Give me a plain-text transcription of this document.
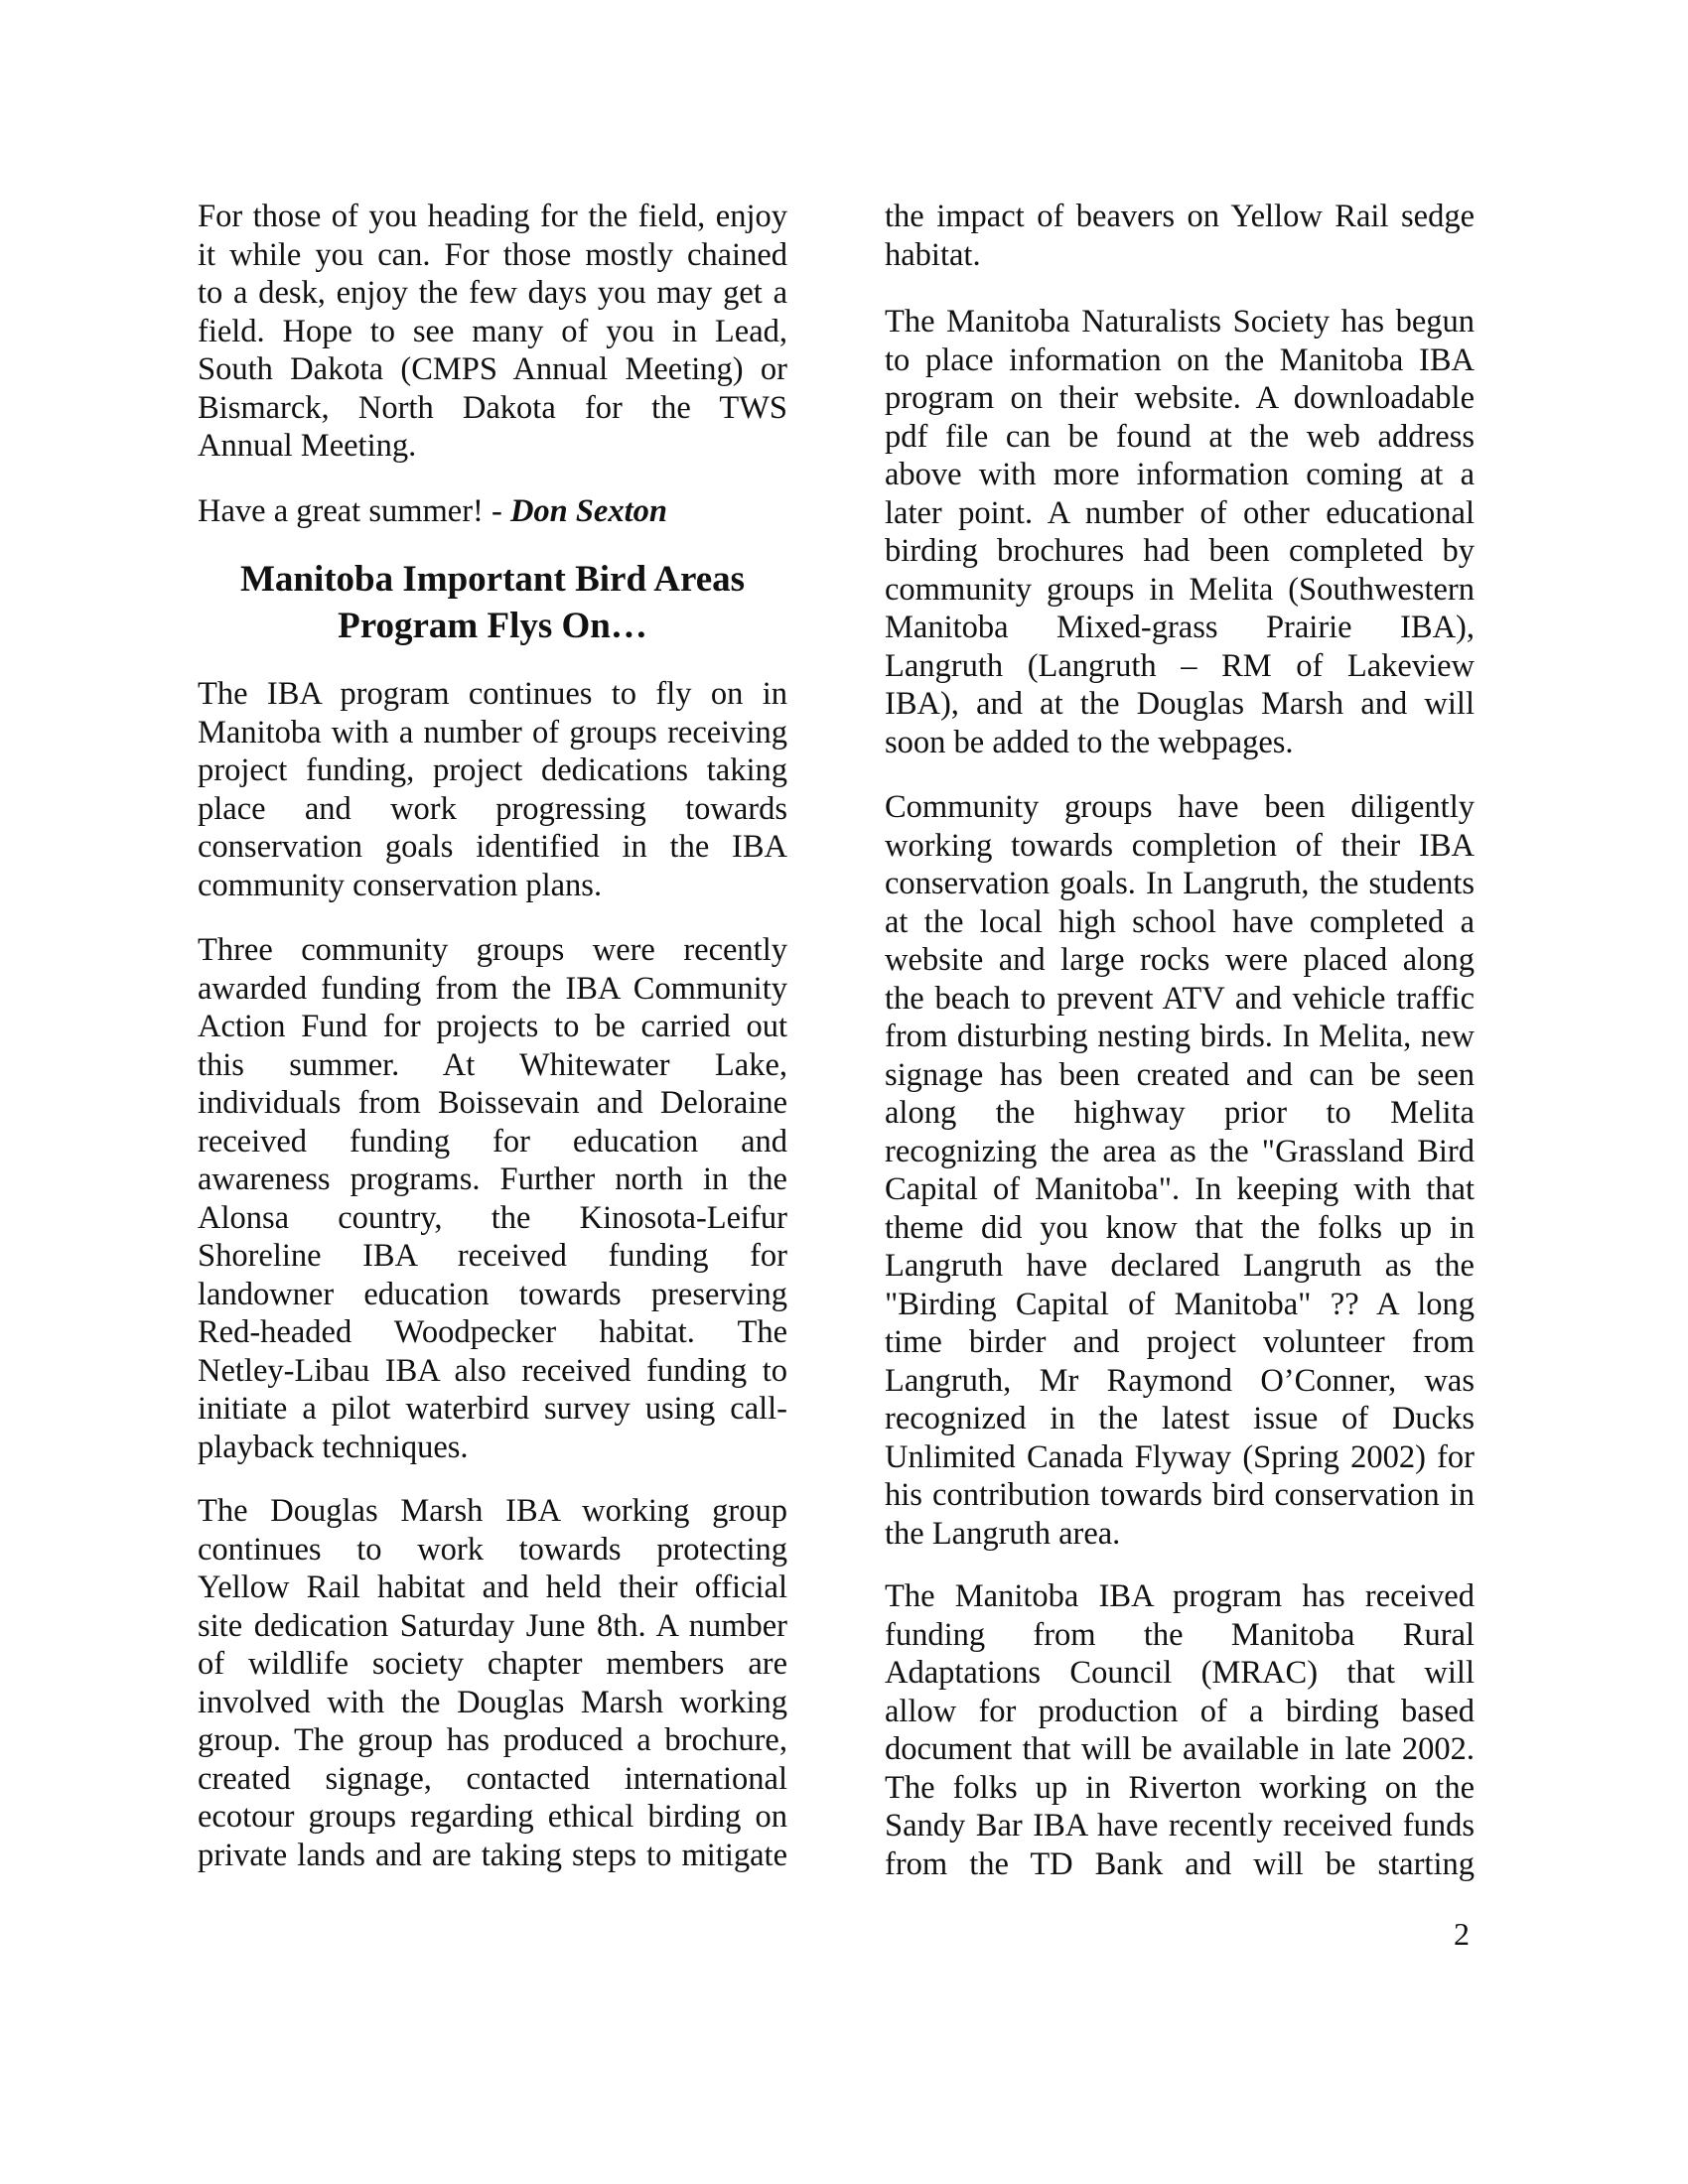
For those of you heading for the field, enjoy
it while you can. For those mostly chained
to a desk, enjoy the few days you may get a
field. Hope to see many of you in Lead,
South Dakota (CMPS Annual Meeting) or
Bismarck, North Dakota for the TWS
Annual Meeting.
Have a great summer! - Don Sexton
Manitoba Important Bird Areas
Program Flys On…
The IBA program continues to fly on in
Manitoba with a number of groups receiving
project funding, project dedications taking
place and work progressing towards
conservation goals identified in the IBA
community conservation plans.
Three community groups were recently
awarded funding from the IBA Community
Action Fund for projects to be carried out
this summer. At Whitewater Lake,
individuals from Boissevain and Deloraine
received funding for education and
awareness programs. Further north in the
Alonsa country, the Kinosota-Leifur
Shoreline IBA received funding for
landowner education towards preserving
Red-headed Woodpecker habitat. The
Netley-Libau IBA also received funding to
initiate a pilot waterbird survey using call-
playback techniques.
The Douglas Marsh IBA working group
continues to work towards protecting
Yellow Rail habitat and held their official
site dedication Saturday June 8th. A number
of wildlife society chapter members are
involved with the Douglas Marsh working
group. The group has produced a brochure,
created signage, contacted international
ecotour groups regarding ethical birding on
private lands and are taking steps to mitigate
the impact of beavers on Yellow Rail sedge
habitat.
The Manitoba Naturalists Society has begun
to place information on the Manitoba IBA
program on their website. A downloadable
pdf file can be found at the web address
above with more information coming at a
later point. A number of other educational
birding brochures had been completed by
community groups in Melita (Southwestern
Manitoba Mixed-grass Prairie IBA),
Langruth (Langruth – RM of Lakeview
IBA), and at the Douglas Marsh and will
soon be added to the webpages.
Community groups have been diligently
working towards completion of their IBA
conservation goals. In Langruth, the students
at the local high school have completed a
website and large rocks were placed along
the beach to prevent ATV and vehicle traffic
from disturbing nesting birds. In Melita, new
signage has been created and can be seen
along the highway prior to Melita
recognizing the area as the "Grassland Bird
Capital of Manitoba". In keeping with that
theme did you know that the folks up in
Langruth have declared Langruth as the
"Birding Capital of Manitoba" ?? A long
time birder and project volunteer from
Langruth, Mr Raymond O’Conner, was
recognized in the latest issue of Ducks
Unlimited Canada Flyway (Spring 2002) for
his contribution towards bird conservation in
the Langruth area.
The Manitoba IBA program has received
funding from the Manitoba Rural
Adaptations Council (MRAC) that will
allow for production of a birding based
document that will be available in late 2002.
The folks up in Riverton working on the
Sandy Bar IBA have recently received funds
from the TD Bank and will be starting
2
